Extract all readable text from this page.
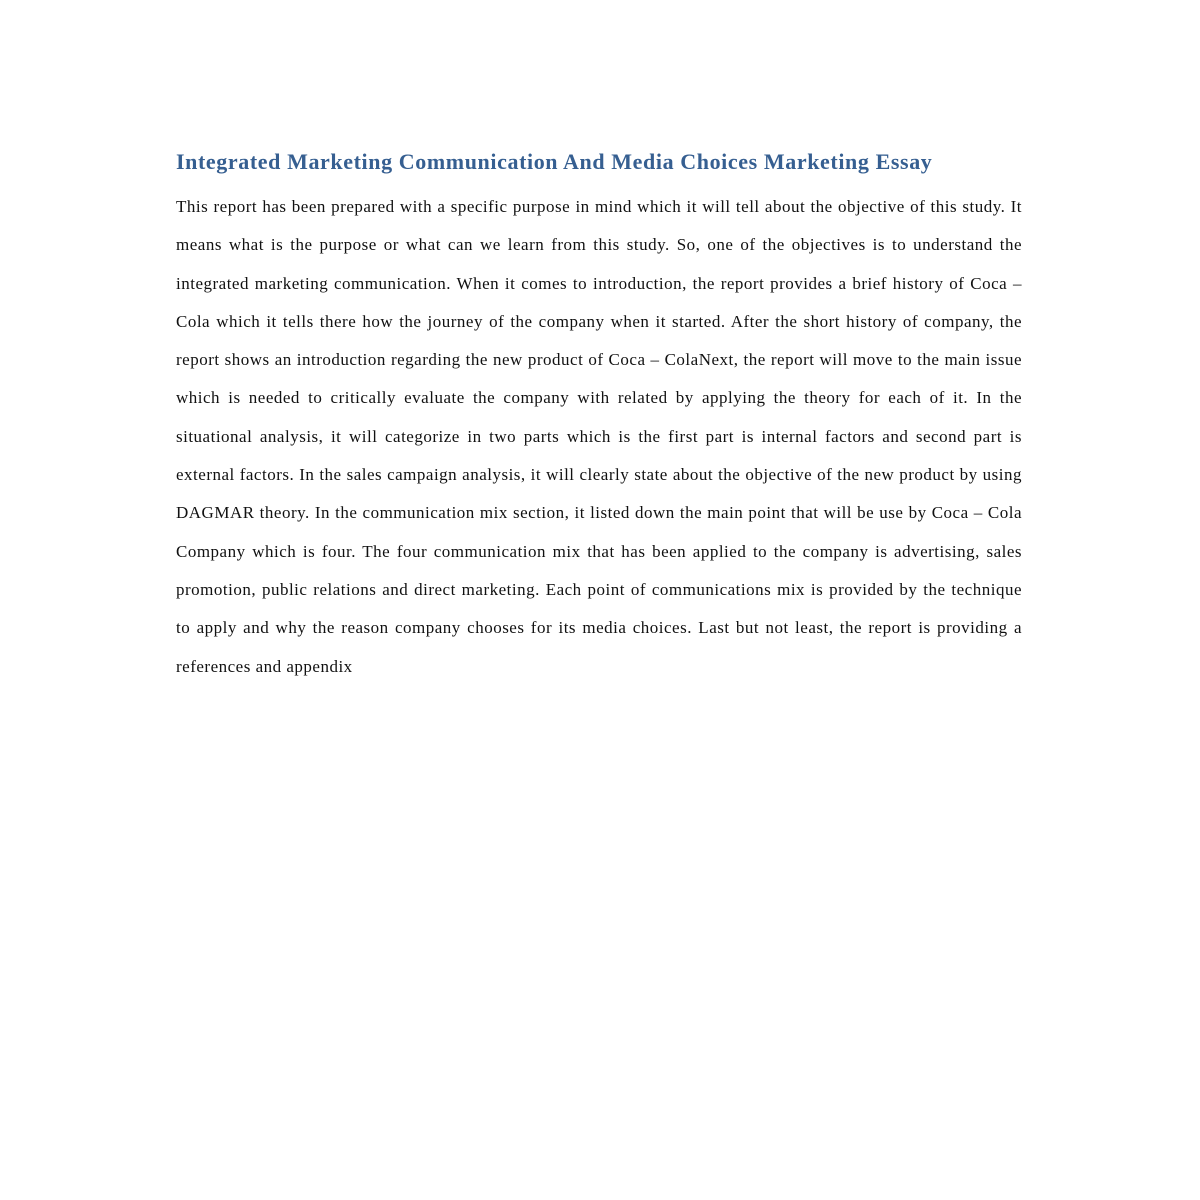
Integrated Marketing Communication And Media Choices Marketing Essay

This report has been prepared with a specific purpose in mind which it will tell about the objective of this study. It means what is the purpose or what can we learn from this study. So, one of the objectives is to understand the integrated marketing communication. When it comes to introduction, the report provides a brief history of Coca – Cola which it tells there how the journey of the company when it started. After the short history of company, the report shows an introduction regarding the new product of Coca – ColaNext, the report will move to the main issue which is needed to critically evaluate the company with related by applying the theory for each of it. In the situational analysis, it will categorize in two parts which is the first part is internal factors and second part is external factors. In the sales campaign analysis, it will clearly state about the objective of the new product by using DAGMAR theory. In the communication mix section, it listed down the main point that will be use by Coca – Cola Company which is four. The four communication mix that has been applied to the company is advertising, sales promotion, public relations and direct marketing. Each point of communications mix is provided by the technique to apply and why the reason company chooses for its media choices. Last but not least, the report is providing a references and appendix
